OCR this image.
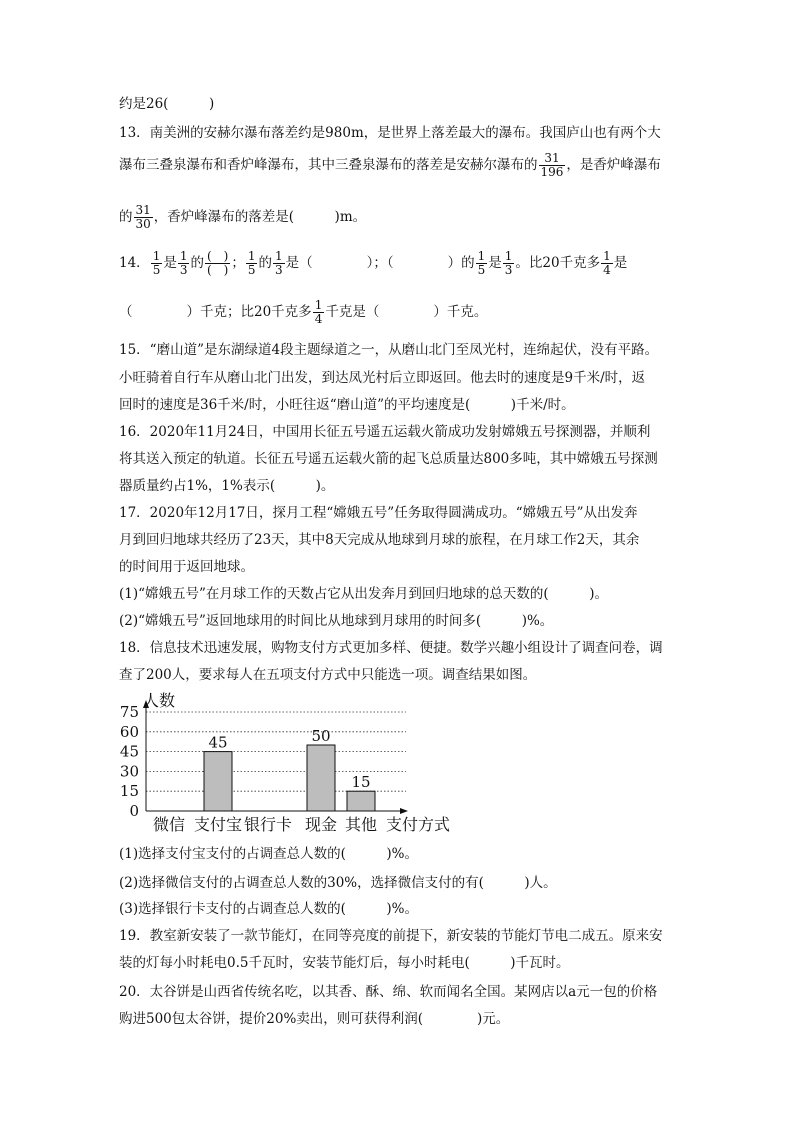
约是26(　　　)
13．南美洲的安赫尔瀑布落差约是980m，是世界上落差最大的瀑布。我国庐山也有两个大
瀑布三叠泉瀑布和香炉峰瀑布，其中三叠泉瀑布的落差是安赫尔瀑布的 $\frac{31}{196}$ ，是香炉峰瀑布
的 $\frac{31}{30}$ ，香炉峰瀑布的落差是(　　　)m。
14． $\frac{1}{5}$ 是 $\frac{1}{3}$ 的 $\frac{( )}{( )}$ ； $\frac{1}{5}$ 的 $\frac{1}{3}$ 是（　　　　）；（　　　　）的 $\frac{1}{5}$ 是 $\frac{1}{3}$ 。比20千克多 $\frac{1}{4}$ 是
（　　　　）千克；比20千克多 $\frac{1}{4}$ 千克是（　　　　）千克。
15．“磨山道”是东湖绿道4段主题绿道之一，从磨山北门至凤光村，连绵起伏，没有平路。
小旺骑着自行车从磨山北门出发，到达凤光村后立即返回。他去时的速度是9千米/时，返
回时的速度是36千米/时，小旺往返“磨山道”的平均速度是(　　　)千米/时。
16．2020年11月24日，中国用长征五号遥五运载火箭成功发射嫦娥五号探测器，并顺利
将其送入预定的轨道。长征五号遥五运载火箭的起飞总质量达800多吨，其中嫦娥五号探测
器质量约占1%，1%表示(　　　)。
17．2020年12月17日，探月工程“嫦娥五号”任务取得圆满成功。“嫦娥五号”从出发奔
月到回归地球共经历了23天，其中8天完成从地球到月球的旅程，在月球工作2天，其余
的时间用于返回地球。
(1)“嫦娥五号”在月球工作的天数占它从出发奔月到回归地球的总天数的(　　　)。
(2)“嫦娥五号”返回地球用的时间比从地球到月球用的时间多(　　　)%。
18．信息技术迅速发展，购物支付方式更加多样、便捷。数学兴趣小组设计了调查问卷，调
查了200人，要求每人在五项支付方式中只能选一项。调查结果如图。
45	50
15
0
15
30
45
60
75
微信 支付宝 银行卡 现金 其他 支付方式
人数
(1)选择支付宝支付的占调查总人数的(　　　)%。
(2)选择微信支付的占调查总人数的30%，选择微信支付的有(　　　)人。
(3)选择银行卡支付的占调查总人数的(　　　)%。
19．教室新安装了一款节能灯，在同等亮度的前提下，新安装的节能灯节电二成五。原来安
装的灯每小时耗电0.5千瓦时，安装节能灯后，每小时耗电(　　　)千瓦时。
20．太谷饼是山西省传统名吃，以其香、酥、绵、软而闻名全国。某网店以a元一包的价格
购进500包太谷饼，提价20%卖出，则可获得利润(　　　　)元。
